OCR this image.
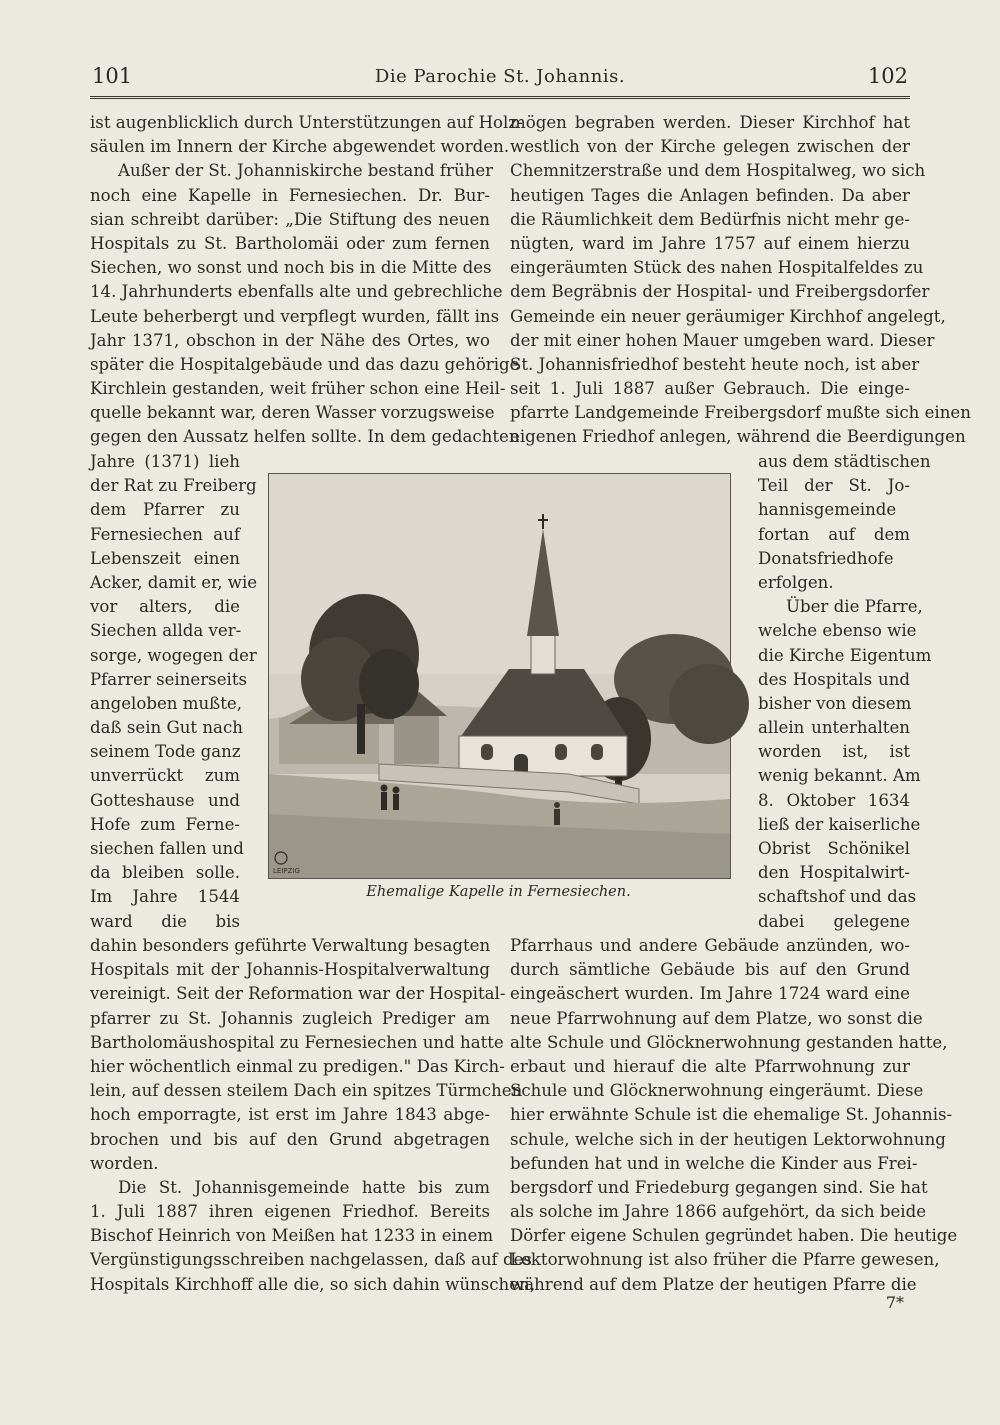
101	Die Parochie St. Johannis.	102
ist augenblicklich durch Unterstützungen auf Holz-
säulen im Innern der Kirche abgewendet worden.
Außer der St. Johanniskirche bestand früher
noch eine Kapelle in Fernesiechen. Dr. Bur-
sian schreibt darüber: „Die Stiftung des neuen
Hospitals zu St. Bartholomäi oder zum fernen
Siechen, wo sonst und noch bis in die Mitte des
14. Jahrhunderts ebenfalls alte und gebrechliche
Leute beherbergt und verpflegt wurden, fällt ins
Jahr 1371, obschon in der Nähe des Ortes, wo
später die Hospitalgebäude und das dazu gehörige
Kirchlein gestanden, weit früher schon eine Heil-
quelle bekannt war, deren Wasser vorzugsweise
gegen den Aussatz helfen sollte. In dem gedachten
Jahre (1371) lieh
der Rat zu Freiberg
dem Pfarrer zu
Fernesiechen auf
Lebenszeit einen
Acker, damit er, wie
vor alters, die
Siechen allda ver-
sorge, wogegen der
Pfarrer seinerseits
angeloben mußte,
daß sein Gut nach
seinem Tode ganz
unverrückt zum
Gotteshause und
Hofe zum Ferne-
siechen fallen und
da bleiben solle.
Im Jahre 1544
ward die bis
dahin besonders geführte Verwaltung besagten
Hospitals mit der Johannis-Hospitalverwaltung
vereinigt. Seit der Reformation war der Hospital-
pfarrer zu St. Johannis zugleich Prediger am
Bartholomäushospital zu Fernesiechen und hatte
hier wöchentlich einmal zu predigen." Das Kirch-
lein, auf dessen steilem Dach ein spitzes Türmchen
hoch emporragte, ist erst im Jahre 1843 abge-
brochen und bis auf den Grund abgetragen
worden.
Die St. Johannisgemeinde hatte bis zum
1. Juli 1887 ihren eigenen Friedhof. Bereits
Bischof Heinrich von Meißen hat 1233 in einem
Vergünstigungsschreiben nachgelassen, daß auf des
Hospitals Kirchhoff alle die, so sich dahin wünschen,
mögen begraben werden. Dieser Kirchhof hat
westlich von der Kirche gelegen zwischen der
Chemnitzerstraße und dem Hospitalweg, wo sich
heutigen Tages die Anlagen befinden. Da aber
die Räumlichkeit dem Bedürfnis nicht mehr ge-
nügten, ward im Jahre 1757 auf einem hierzu
eingeräumten Stück des nahen Hospitalfeldes zu
dem Begräbnis der Hospital- und Freibergsdorfer
Gemeinde ein neuer geräumiger Kirchhof angelegt,
der mit einer hohen Mauer umgeben ward. Dieser
St. Johannisfriedhof besteht heute noch, ist aber
seit 1. Juli 1887 außer Gebrauch. Die einge-
pfarrte Landgemeinde Freibergsdorf mußte sich einen
eigenen Friedhof anlegen, während die Beerdigungen
aus dem städtischen
Teil der St. Jo-
hannisgemeinde
fortan auf dem
Donatsfriedhofe
erfolgen.
Über die Pfarre,
welche ebenso wie
die Kirche Eigentum
des Hospitals und
bisher von diesem
allein unterhalten
worden ist, ist
wenig bekannt. Am
8. Oktober 1634
ließ der kaiserliche
Obrist Schönikel
den Hospitalwirt-
schaftshof und das
dabei gelegene
Pfarrhaus und andere Gebäude anzünden, wo-
durch sämtliche Gebäude bis auf den Grund
eingeäschert wurden. Im Jahre 1724 ward eine
neue Pfarrwohnung auf dem Platze, wo sonst die
alte Schule und Glöcknerwohnung gestanden hatte,
erbaut und hierauf die alte Pfarrwohnung zur
Schule und Glöcknerwohnung eingeräumt. Diese
hier erwähnte Schule ist die ehemalige St. Johannis-
schule, welche sich in der heutigen Lektorwohnung
befunden hat und in welche die Kinder aus Frei-
bergsdorf und Friedeburg gegangen sind. Sie hat
als solche im Jahre 1866 aufgehört, da sich beide
Dörfer eigene Schulen gegründet haben. Die heutige
Lektorwohnung ist also früher die Pfarre gewesen,
während auf dem Platze der heutigen Pfarre die
LEIPZIG
Ehemalige Kapelle in Fernesiechen.
7*
